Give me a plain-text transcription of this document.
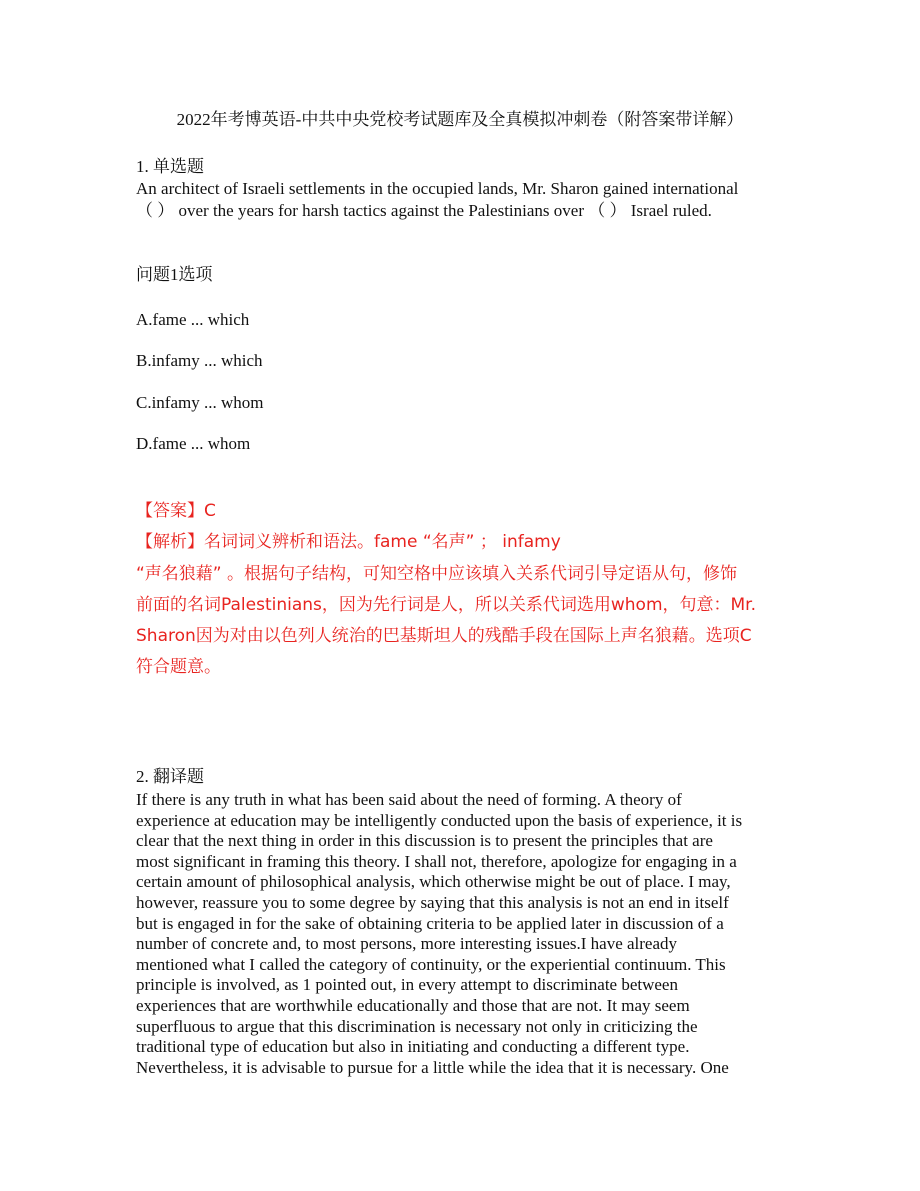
2022年考博英语-中共中央党校考试题库及全真模拟冲刺卷（附答案带详解）
1. 单选题
An architect of Israeli settlements in the occupied lands, Mr. Sharon gained international
（ ） over the years for harsh tactics against the Palestinians over （ ） Israel ruled.
问题1选项
A.fame ... which
B.infamy ... which
C.infamy ... whom
D.fame ... whom
【答案】C
【解析】名词词义辨析和语法。fame “名声” ； infamy
“声名狼藉” 。根据句子结构，可知空格中应该填入关系代词引导定语从句，修饰
前面的名词Palestinians，因为先行词是人，所以关系代词选用whom，句意：Mr.
Sharon因为对由以色列人统治的巴基斯坦人的残酷手段在国际上声名狼藉。选项C
符合题意。
2. 翻译题
If there is any truth in what has been said about the need of forming. A theory of
experience at education may be intelligently conducted upon the basis of experience, it is
clear that the next thing in order in this discussion is to present the principles that are
most significant in framing this theory. I shall not, therefore, apologize for engaging in a
certain amount of philosophical analysis, which otherwise might be out of place. I may,
however, reassure you to some degree by saying that this analysis is not an end in itself
but is engaged in for the sake of obtaining criteria to be applied later in discussion of a
number of concrete and, to most persons, more interesting issues.I have already
mentioned what I called the category of continuity, or the experiential continuum. This
principle is involved, as 1 pointed out, in every attempt to discriminate between
experiences that are worthwhile educationally and those that are not. It may seem
superfluous to argue that this discrimination is necessary not only in criticizing the
traditional type of education but also in initiating and conducting a different type.
Nevertheless, it is advisable to pursue for a little while the idea that it is necessary. One
